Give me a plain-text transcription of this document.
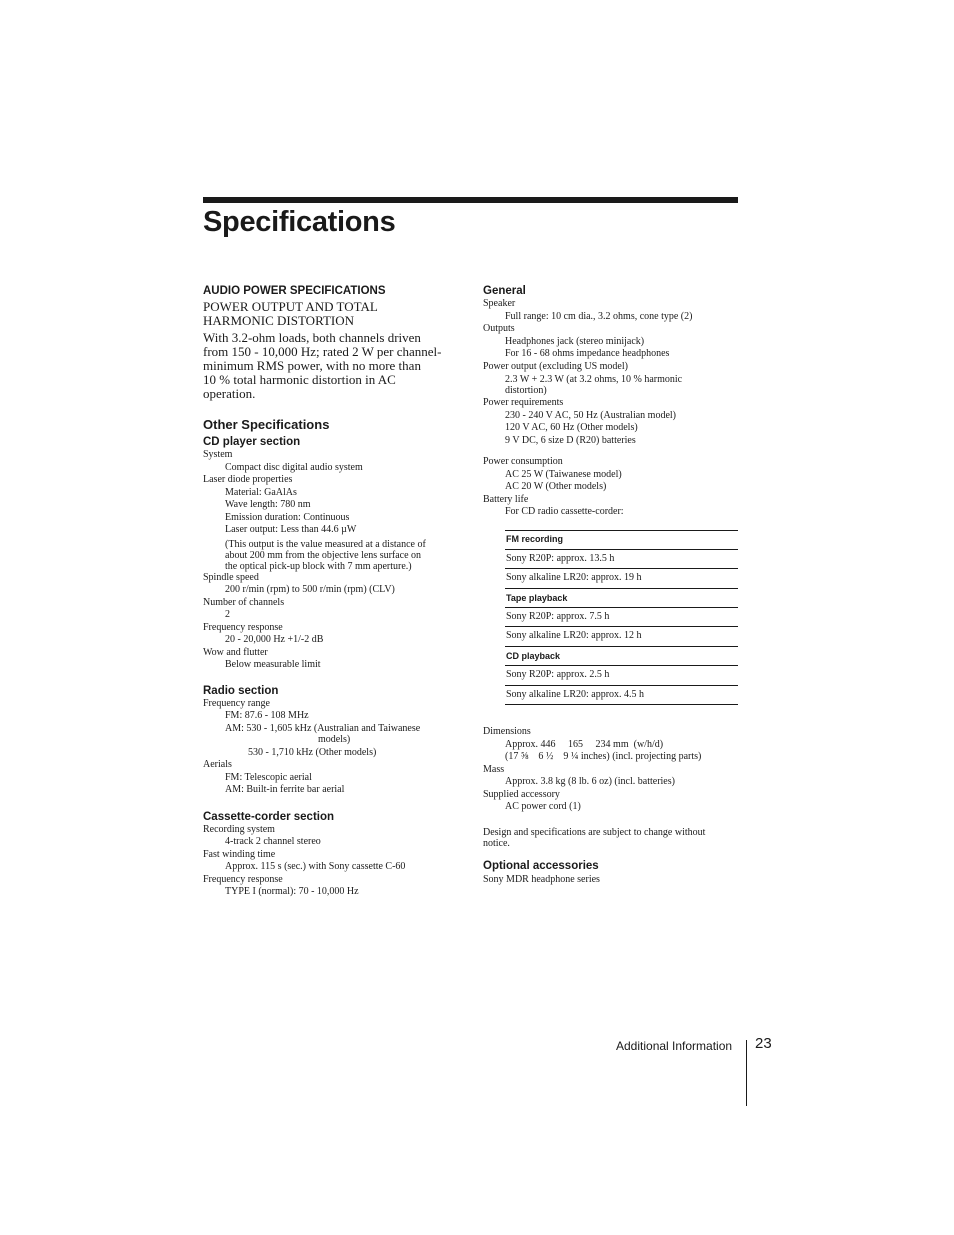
Specifications
AUDIO POWER SPECIFICATIONS
POWER OUTPUT AND TOTAL
HARMONIC DISTORTION
With 3.2-ohm loads, both channels driven
from 150 - 10,000 Hz; rated 2 W per channel-
minimum RMS power, with no more than
10 % total harmonic distortion in AC
operation.
Other Specifications
CD player section
System
Compact disc digital audio system
Laser diode properties
Material: GaAlAs
Wave length: 780 nm
Emission duration: Continuous
Laser output: Less than 44.6 µW
(This output is the value measured at a distance of
about 200 mm from the objective lens surface on
the optical pick-up block with 7 mm aperture.)
Spindle speed
200 r/min (rpm) to 500 r/min (rpm) (CLV)
Number of channels
2
Frequency response
20 - 20,000 Hz +1/-2 dB
Wow and flutter
Below measurable limit
Radio section
Frequency range
FM: 87.6 - 108 MHz
AM: 530 - 1,605 kHz (Australian and Taiwanese
models)
530 - 1,710 kHz (Other models)
Aerials
FM: Telescopic aerial
AM: Built-in ferrite bar aerial
Cassette-corder section
Recording system
4-track 2 channel stereo
Fast winding time
Approx. 115 s (sec.) with Sony cassette C-60
Frequency response
TYPE I (normal): 70 - 10,000 Hz
General
Speaker
Full range: 10 cm dia., 3.2 ohms, cone type (2)
Outputs
Headphones jack (stereo minijack)
For 16 - 68 ohms impedance headphones
Power output (excluding US model)
2.3 W + 2.3 W (at 3.2 ohms, 10 % harmonic
distortion)
Power requirements
230 - 240 V AC, 50 Hz (Australian model)
120 V AC, 60 Hz (Other models)
9 V DC, 6 size D (R20) batteries
Power consumption
AC 25 W (Taiwanese model)
AC 20 W (Other models)
Battery life
For CD radio cassette-corder:
FM recording
Sony R20P: approx. 13.5 h
Sony alkaline LR20: approx. 19 h
Tape playback
Sony R20P: approx. 7.5 h
Sony alkaline LR20: approx. 12 h
CD playback
Sony R20P: approx. 2.5 h
Sony alkaline LR20: approx. 4.5 h
Dimensions
Approx. 446     165     234 mm  (w/h/d)
(17 ⅝    6 ½    9 ¼ inches) (incl. projecting parts)
Mass
Approx. 3.8 kg (8 lb. 6 oz) (incl. batteries)
Supplied accessory
AC power cord (1)
Design and specifications are subject to change without
notice.
Optional accessories
Sony MDR headphone series
Additional Information 23
